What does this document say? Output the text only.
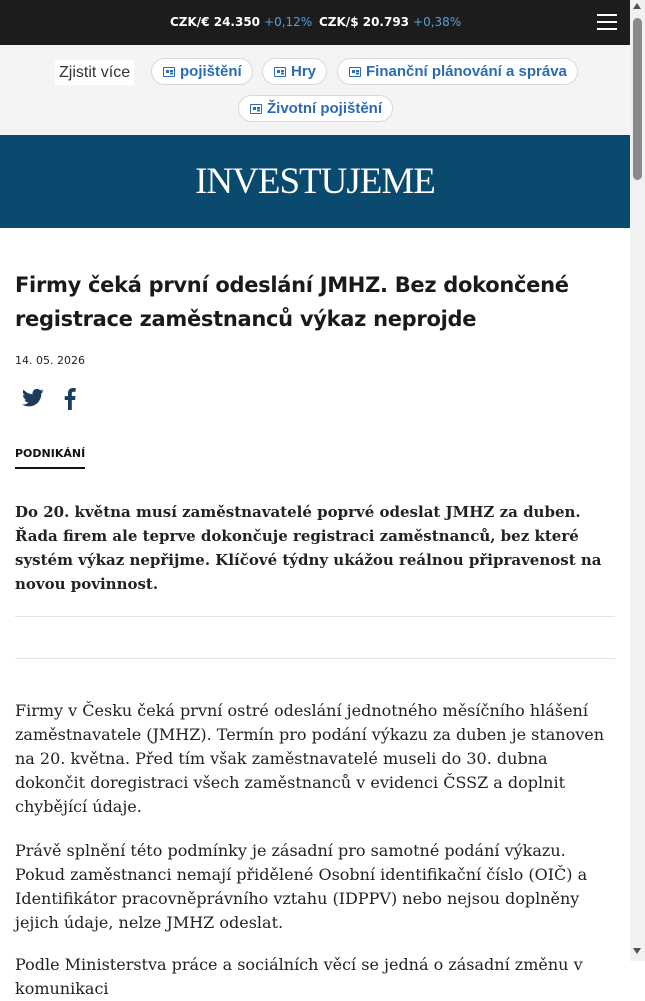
CZK/€ 24.350 +0,12% CZK/$ 20.793 +0,38%
Zjistit více	pojištění	Hry	Finanční plánování a správa
Životní pojištění
INVESTUJEME
Firmy čeká první odeslání JMHZ. Bez dokončené registrace zaměstnanců výkaz neprojde
14. 05. 2026
PODNIKÁNÍ

Do 20. května musí zaměstnavatelé poprvé odeslat JMHZ za duben. Řada firem ale teprve dokončuje registraci zaměstnanců, bez které systém výkaz nepřijme. Klíčové týdny ukážou reálnou připravenost na novou povinnost.

Firmy v Česku čeká první ostré odeslání jednotného měsíčního hlášení zaměstnavatele (JMHZ). Termín pro podání výkazu za duben je stanoven na 20. května. Před tím však zaměstnavatelé museli do 30. dubna dokončit doregistraci všech zaměstnanců v evidenci ČSSZ a doplnit chybějící údaje.

Právě splnění této podmínky je zásadní pro samotné podání výkazu. Pokud zaměstnanci nemají přidělené Osobní identifikační číslo (OIČ) a Identifikátor pracovněprávního vztahu (IDPPV) nebo nejsou doplněny jejich údaje, nelze JMHZ odeslat.

Podle Ministerstva práce a sociálních věcí se jedná o zásadní změnu v komunikaci
